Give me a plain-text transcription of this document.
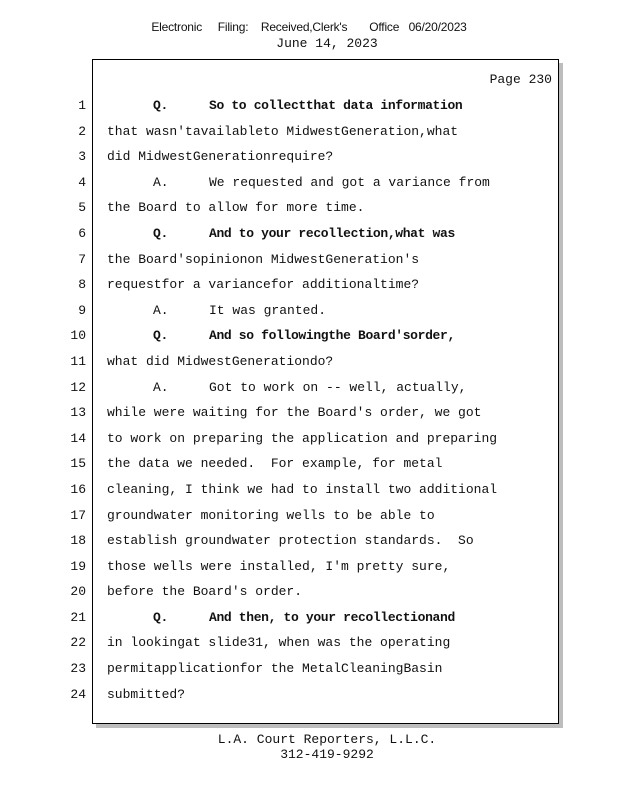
Electronic     Filing:    Received,Clerk's       Office   06/20/2023
June 14, 2023
Page 230
1
2
3
4
5
6
7
8
9
10
11
12
13
14
15
16
17
18
19
20
21
22
23
24
Q.	So to collectthat data information
that wasn'tavailableto MidwestGeneration,what
did MidwestGenerationrequire?
A.	We requested and got a variance from
the Board to allow for more time.
Q.	And to your recollection,what was
the Board'sopinionon MidwestGeneration's
requestfor a variancefor additionaltime?
A.	It was granted.
Q.	And so followingthe Board'sorder,
what did MidwestGenerationdo?
A.	Got to work on -- well, actually,
while were waiting for the Board's order, we got
to work on preparing the application and preparing
the data we needed.  For example, for metal
cleaning, I think we had to install two additional
groundwater monitoring wells to be able to
establish groundwater protection standards.  So
those wells were installed, I'm pretty sure,
before the Board's order.
Q.	And then, to your recollectionand
in lookingat slide31, when was the operating
permitapplicationfor the MetalCleaningBasin
submitted?
L.A. Court Reporters, L.L.C.
312-419-9292
